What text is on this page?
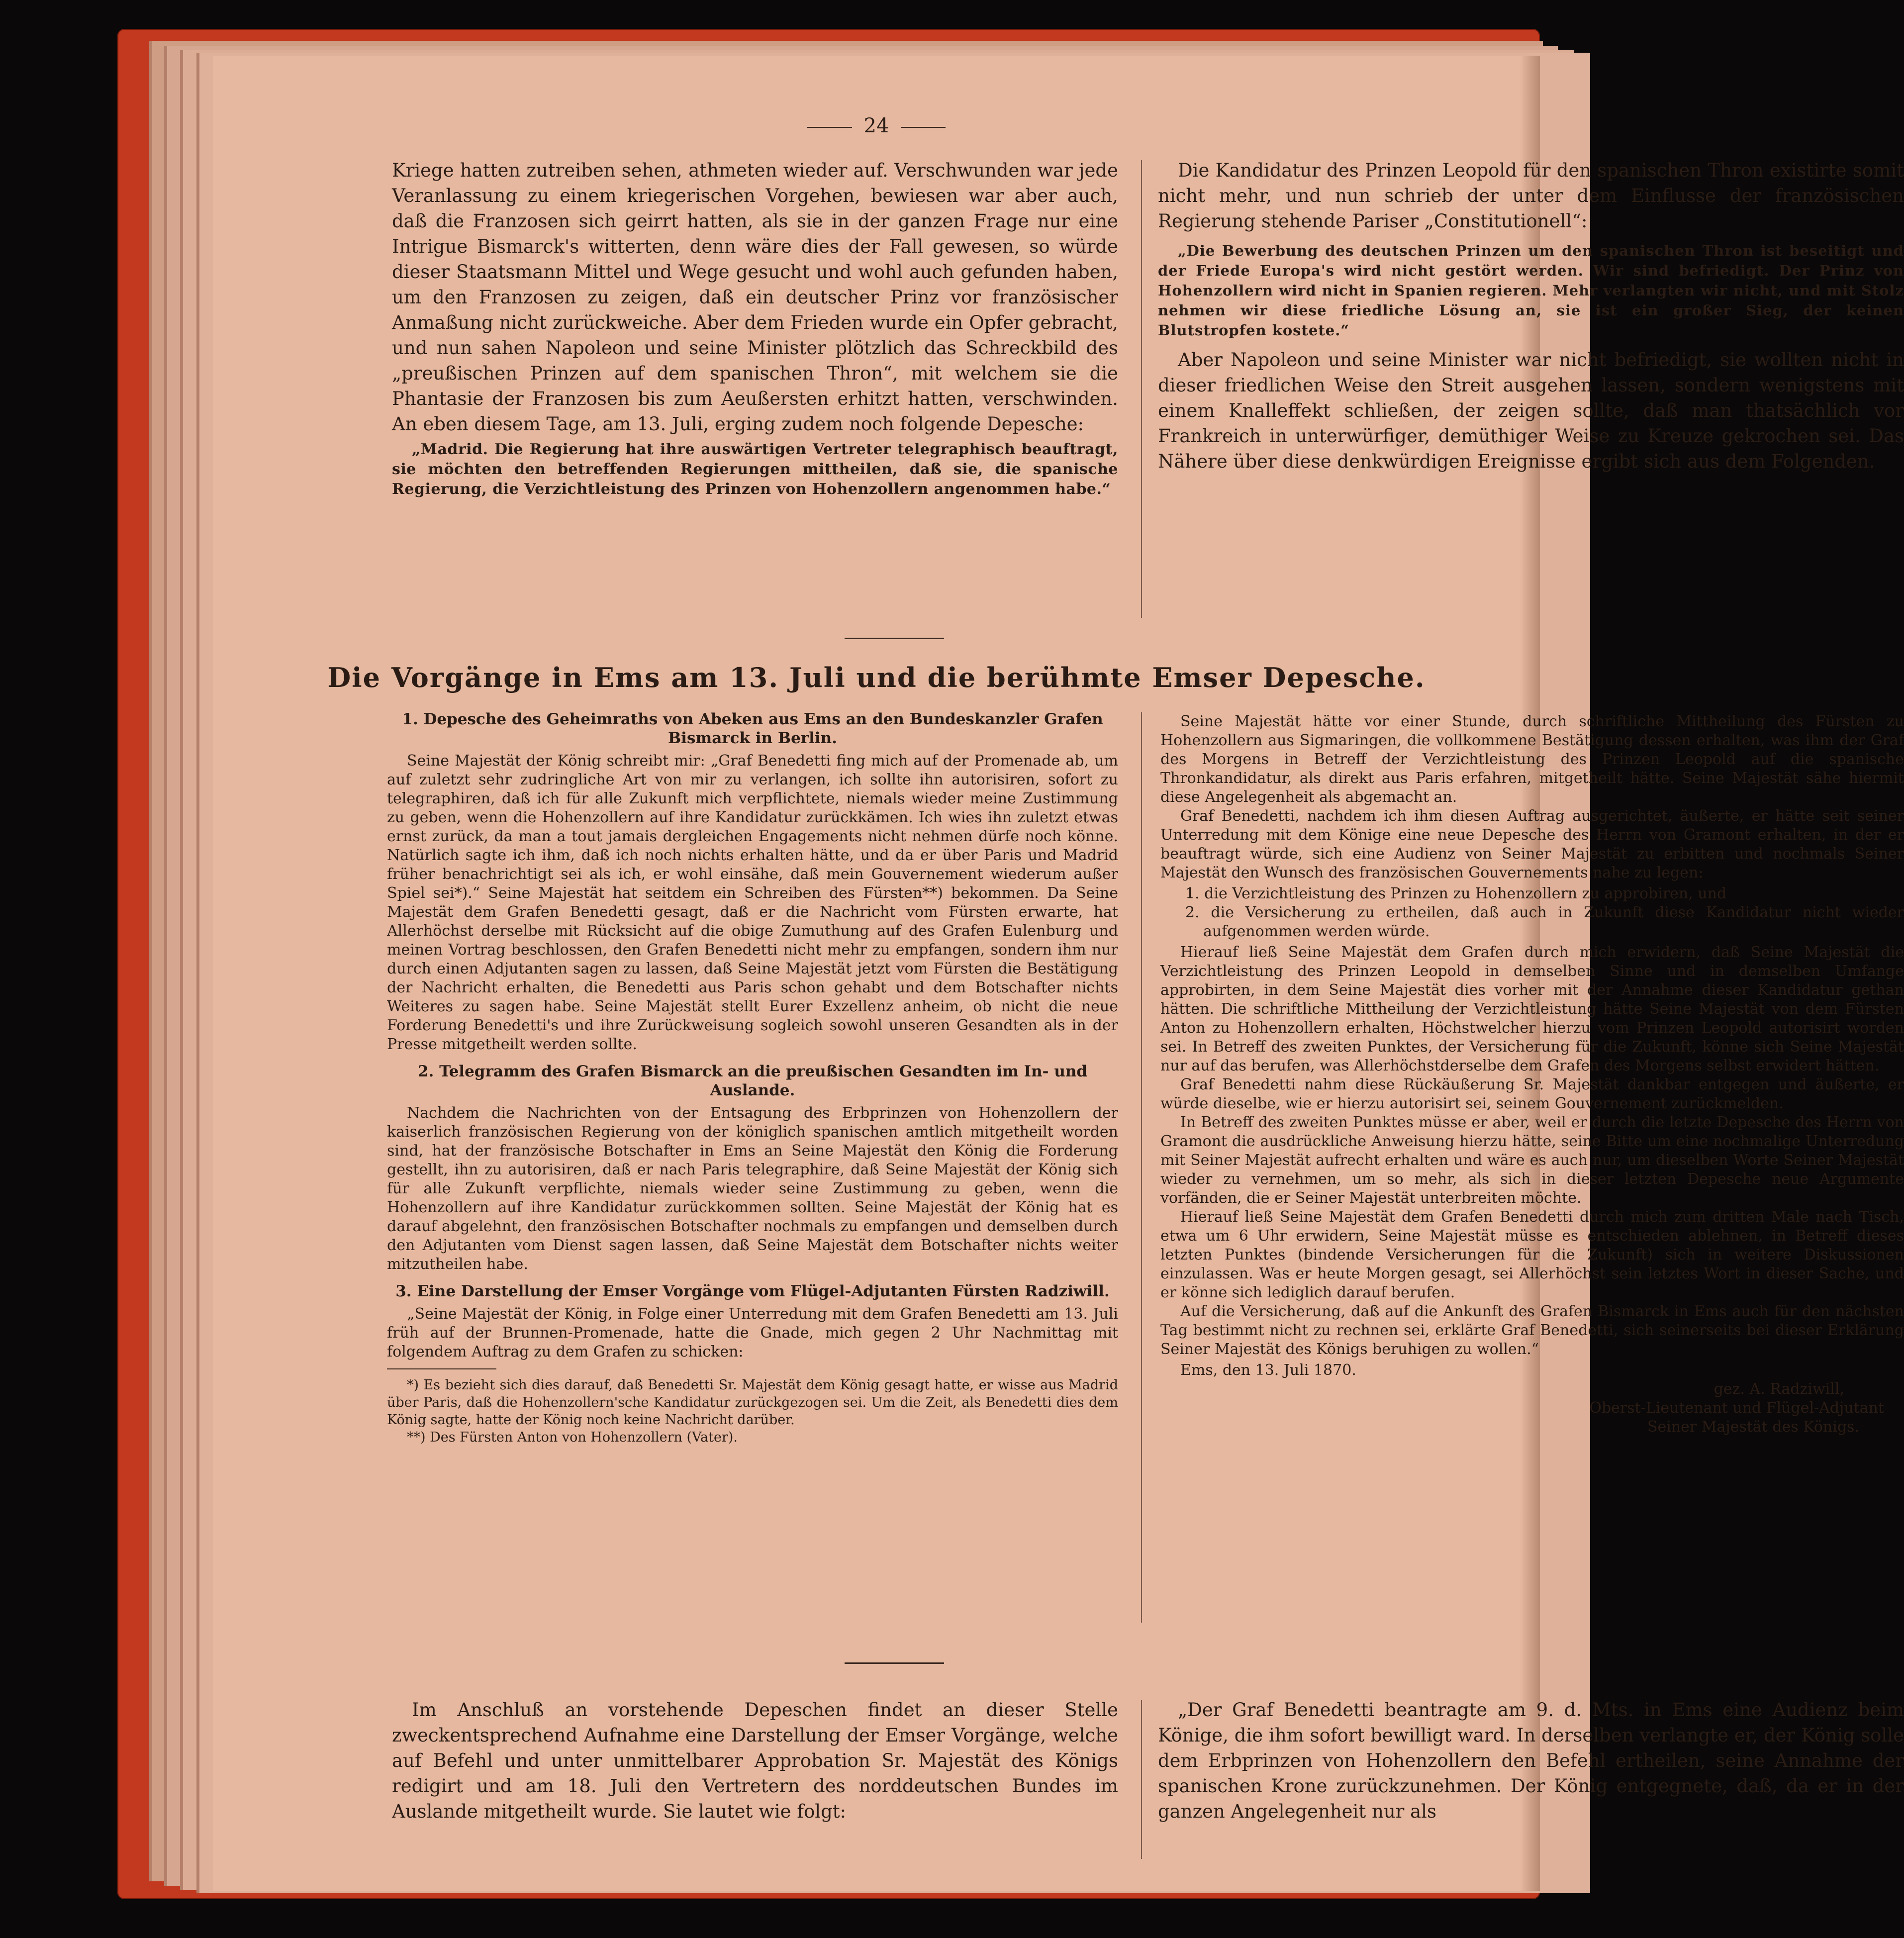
24

Kriege hatten zutreiben sehen, athmeten wieder auf. Verschwunden war jede Veranlassung zu einem kriegerischen Vorgehen, bewiesen war aber auch, daß die Franzosen sich geirrt hatten, als sie in der ganzen Frage nur eine Intrigue Bismarck's witterten, denn wäre dies der Fall gewesen, so würde dieser Staatsmann Mittel und Wege gesucht und wohl auch gefunden haben, um den Franzosen zu zeigen, daß ein deutscher Prinz vor französischer Anmaßung nicht zurückweiche. Aber dem Frieden wurde ein Opfer gebracht, und nun sahen Napoleon und seine Minister plötzlich das Schreckbild des „preußischen Prinzen auf dem spanischen Thron“, mit welchem sie die Phantasie der Franzosen bis zum Aeußersten erhitzt hatten, verschwinden. An eben diesem Tage, am 13. Juli, erging zudem noch folgende Depesche:

„Madrid. Die Regierung hat ihre auswärtigen Vertreter telegraphisch beauftragt, sie möchten den betreffenden Regierungen mittheilen, daß sie, die spanische Regierung, die Verzichtleistung des Prinzen von Hohenzollern angenommen habe.“

Die Kandidatur des Prinzen Leopold für den spanischen Thron existirte somit nicht mehr, und nun schrieb der unter dem Einflusse der französischen Regierung stehende Pariser „Constitutionell“:

„Die Bewerbung des deutschen Prinzen um den spanischen Thron ist beseitigt und der Friede Europa's wird nicht gestört werden. Wir sind befriedigt. Der Prinz von Hohenzollern wird nicht in Spanien regieren. Mehr verlangten wir nicht, und mit Stolz nehmen wir diese friedliche Lösung an, sie ist ein großer Sieg, der keinen Blutstropfen kostete.“

Aber Napoleon und seine Minister war nicht befriedigt, sie wollten nicht in dieser friedlichen Weise den Streit ausgehen lassen, sondern wenigstens mit einem Knalleffekt schließen, der zeigen sollte, daß man thatsächlich vor Frankreich in unterwürfiger, demüthiger Weise zu Kreuze gekrochen sei. Das Nähere über diese denkwürdigen Ereignisse ergibt sich aus dem Folgenden.

Die Vorgänge in Ems am 13. Juli und die berühmte Emser Depesche.

1. Depesche des Geheimraths von Abeken aus Ems an den Bundeskanzler Grafen Bismarck in Berlin.

Seine Majestät der König schreibt mir: „Graf Benedetti fing mich auf der Promenade ab, um auf zuletzt sehr zudringliche Art von mir zu verlangen, ich sollte ihn autorisiren, sofort zu telegraphiren, daß ich für alle Zukunft mich verpflichtete, niemals wieder meine Zustimmung zu geben, wenn die Hohenzollern auf ihre Kandidatur zurückkämen. Ich wies ihn zuletzt etwas ernst zurück, da man a tout jamais dergleichen Engagements nicht nehmen dürfe noch könne. Natürlich sagte ich ihm, daß ich noch nichts erhalten hätte, und da er über Paris und Madrid früher benachrichtigt sei als ich, er wohl einsähe, daß mein Gouvernement wiederum außer Spiel sei*).“ Seine Majestät hat seitdem ein Schreiben des Fürsten**) bekommen. Da Seine Majestät dem Grafen Benedetti gesagt, daß er die Nachricht vom Fürsten erwarte, hat Allerhöchst derselbe mit Rücksicht auf die obige Zumuthung auf des Grafen Eulenburg und meinen Vortrag beschlossen, den Grafen Benedetti nicht mehr zu empfangen, sondern ihm nur durch einen Adjutanten sagen zu lassen, daß Seine Majestät jetzt vom Fürsten die Bestätigung der Nachricht erhalten, die Benedetti aus Paris schon gehabt und dem Botschafter nichts Weiteres zu sagen habe. Seine Majestät stellt Eurer Exzellenz anheim, ob nicht die neue Forderung Benedetti's und ihre Zurückweisung sogleich sowohl unseren Gesandten als in der Presse mitgetheilt werden sollte.

2. Telegramm des Grafen Bismarck an die preußischen Gesandten im In- und Auslande.

Nachdem die Nachrichten von der Entsagung des Erbprinzen von Hohenzollern der kaiserlich französischen Regierung von der königlich spanischen amtlich mitgetheilt worden sind, hat der französische Botschafter in Ems an Seine Majestät den König die Forderung gestellt, ihn zu autorisiren, daß er nach Paris telegraphire, daß Seine Majestät der König sich für alle Zukunft verpflichte, niemals wieder seine Zustimmung zu geben, wenn die Hohenzollern auf ihre Kandidatur zurückkommen sollten. Seine Majestät der König hat es darauf abgelehnt, den französischen Botschafter nochmals zu empfangen und demselben durch den Adjutanten vom Dienst sagen lassen, daß Seine Majestät dem Botschafter nichts weiter mitzutheilen habe.

3. Eine Darstellung der Emser Vorgänge vom Flügel-Adjutanten Fürsten Radziwill.

„Seine Majestät der König, in Folge einer Unterredung mit dem Grafen Benedetti am 13. Juli früh auf der Brunnen-Promenade, hatte die Gnade, mich gegen 2 Uhr Nachmittag mit folgendem Auftrag zu dem Grafen zu schicken:

*) Es bezieht sich dies darauf, daß Benedetti Sr. Majestät dem König gesagt hatte, er wisse aus Madrid über Paris, daß die Hohenzollern'sche Kandidatur zurückgezogen sei. Um die Zeit, als Benedetti dies dem König sagte, hatte der König noch keine Nachricht darüber.

**) Des Fürsten Anton von Hohenzollern (Vater).

Seine Majestät hätte vor einer Stunde, durch schriftliche Mittheilung des Fürsten zu Hohenzollern aus Sigmaringen, die vollkommene Bestätigung dessen erhalten, was ihm der Graf des Morgens in Betreff der Verzichtleistung des Prinzen Leopold auf die spanische Thronkandidatur, als direkt aus Paris erfahren, mitgetheilt hätte. Seine Majestät sähe hiermit diese Angelegenheit als abgemacht an.

Graf Benedetti, nachdem ich ihm diesen Auftrag ausgerichtet, äußerte, er hätte seit seiner Unterredung mit dem Könige eine neue Depesche des Herrn von Gramont erhalten, in der er beauftragt würde, sich eine Audienz von Seiner Majestät zu erbitten und nochmals Seiner Majestät den Wunsch des französischen Gouvernements nahe zu legen:

1. die Verzichtleistung des Prinzen zu Hohenzollern zu approbiren, und

2. die Versicherung zu ertheilen, daß auch in Zukunft diese Kandidatur nicht wieder aufgenommen werden würde.

Hierauf ließ Seine Majestät dem Grafen durch mich erwidern, daß Seine Majestät die Verzichtleistung des Prinzen Leopold in demselben Sinne und in demselben Umfange approbirten, in dem Seine Majestät dies vorher mit der Annahme dieser Kandidatur gethan hätten. Die schriftliche Mittheilung der Verzichtleistung hätte Seine Majestät von dem Fürsten Anton zu Hohenzollern erhalten, Höchstwelcher hierzu vom Prinzen Leopold autorisirt worden sei. In Betreff des zweiten Punktes, der Versicherung für die Zukunft, könne sich Seine Majestät nur auf das berufen, was Allerhöchstderselbe dem Grafen des Morgens selbst erwidert hätten.

Graf Benedetti nahm diese Rückäußerung Sr. Majestät dankbar entgegen und äußerte, er würde dieselbe, wie er hierzu autorisirt sei, seinem Gouvernement zurückmelden.

In Betreff des zweiten Punktes müsse er aber, weil er durch die letzte Depesche des Herrn von Gramont die ausdrückliche Anweisung hierzu hätte, seine Bitte um eine nochmalige Unterredung mit Seiner Majestät aufrecht erhalten und wäre es auch nur, um dieselben Worte Seiner Majestät wieder zu vernehmen, um so mehr, als sich in dieser letzten Depesche neue Argumente vorfänden, die er Seiner Majestät unterbreiten möchte.

Hierauf ließ Seine Majestät dem Grafen Benedetti durch mich zum dritten Male nach Tisch, etwa um 6 Uhr erwidern, Seine Majestät müsse es entschieden ablehnen, in Betreff dieses letzten Punktes (bindende Versicherungen für die Zukunft) sich in weitere Diskussionen einzulassen. Was er heute Morgen gesagt, sei Allerhöchst sein letztes Wort in dieser Sache, und er könne sich lediglich darauf berufen.

Auf die Versicherung, daß auf die Ankunft des Grafen Bismarck in Ems auch für den nächsten Tag bestimmt nicht zu rechnen sei, erklärte Graf Benedetti, sich seinerseits bei dieser Erklärung Seiner Majestät des Königs beruhigen zu wollen.“

Ems, den 13. Juli 1870.

gez. A. Radziwill,

Oberst-Lieutenant und Flügel-Adjutant

Seiner Majestät des Königs.

Im Anschluß an vorstehende Depeschen findet an dieser Stelle zweckentsprechend Aufnahme eine Darstellung der Emser Vorgänge, welche auf Befehl und unter unmittelbarer Approbation Sr. Majestät des Königs redigirt und am 18. Juli den Vertretern des norddeutschen Bundes im Auslande mitgetheilt wurde. Sie lautet wie folgt:

„Der Graf Benedetti beantragte am 9. d. Mts. in Ems eine Audienz beim Könige, die ihm sofort bewilligt ward. In derselben verlangte er, der König solle dem Erbprinzen von Hohenzollern den Befehl ertheilen, seine Annahme der spanischen Krone zurückzunehmen. Der König entgegnete, daß, da er in der ganzen Angelegenheit nur als
